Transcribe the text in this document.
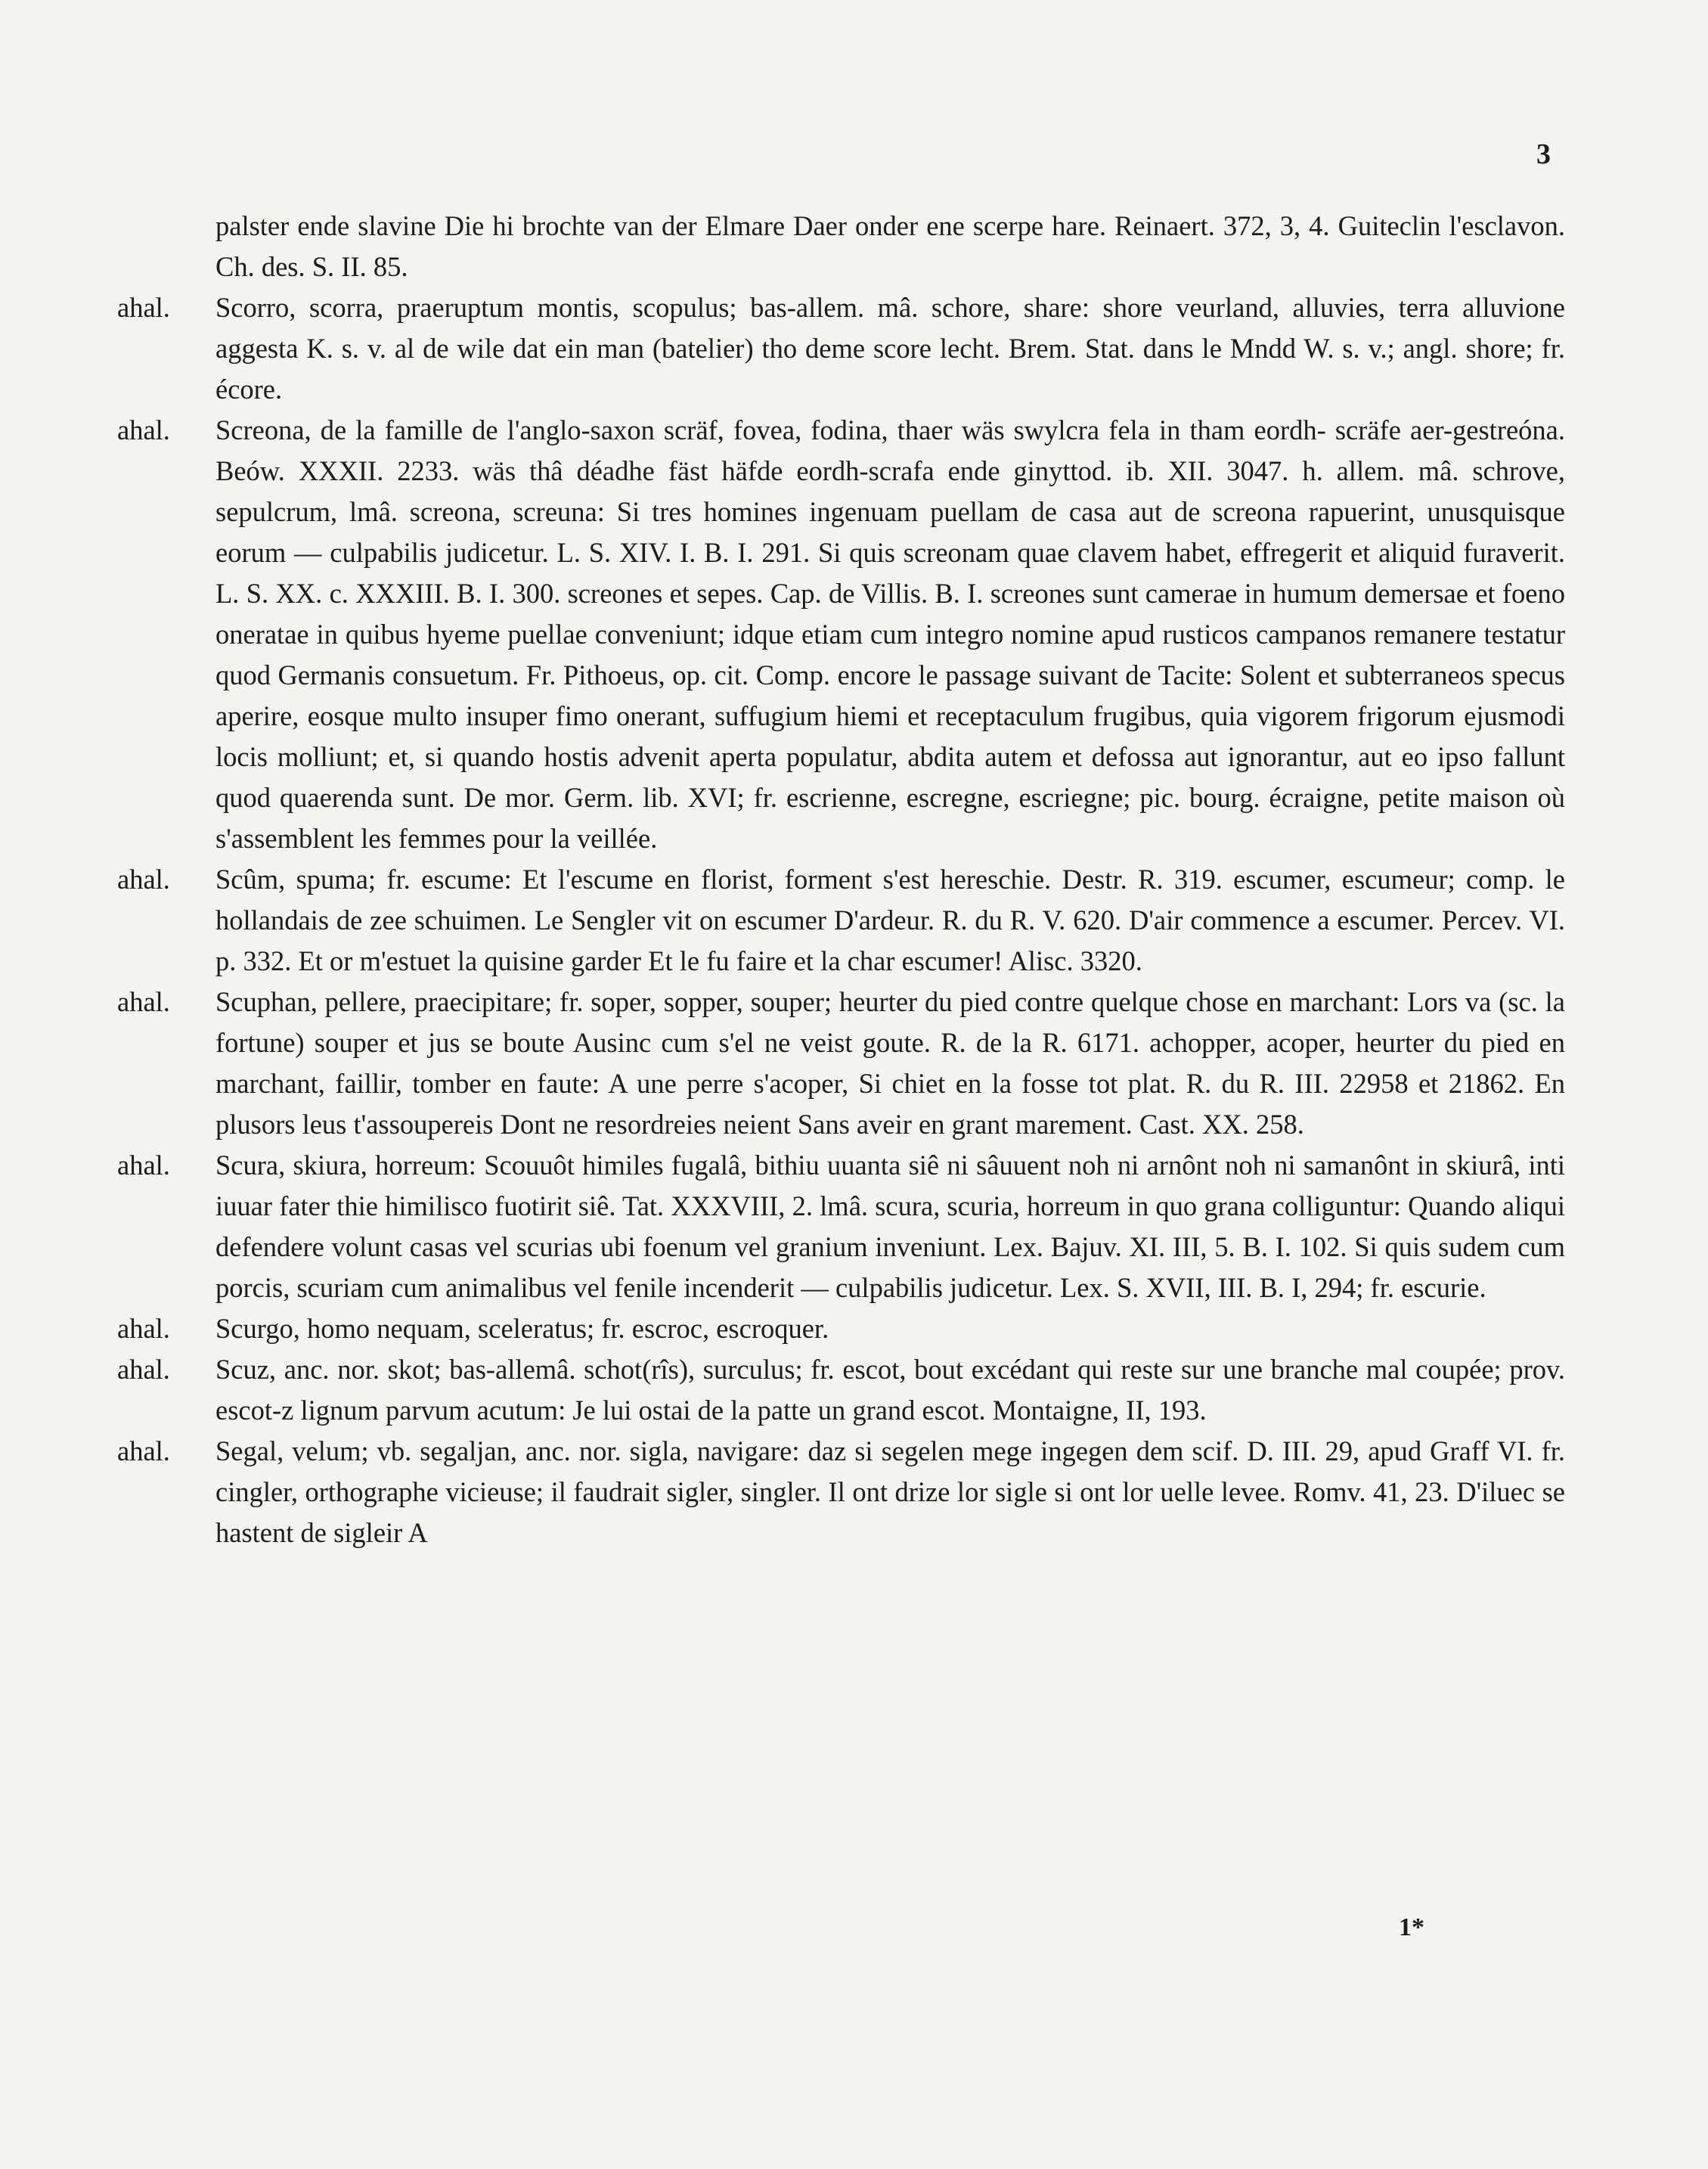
3
palster ende slavine Die hi brochte van der Elmare Daer onder ene scerpe hare. Reinaert. 372, 3, 4. Guiteclin l'esclavon. Ch. des. S. II. 85.
ahal.	Scorro, scorra, praeruptum montis, scopulus; bas-allem. mâ. schore, share: shore veurland, alluvies, terra alluvione aggesta K. s. v. al de wile dat ein man (batelier) tho deme score lecht. Brem. Stat. dans le Mndd W. s. v.; angl. shore; fr. écore.
ahal.	Screona, de la famille de l'anglo-saxon scräf, fovea, fodina, thaer wäs swylcra fela in tham eordh- scräfe aer-gestreóna. Beów. XXXII. 2233. wäs thâ déadhe fäst häfde eordh-scrafa ende ginyttod. ib. XII. 3047. h. allem. mâ. schrove, sepulcrum, lmâ. screona, screuna: Si tres homines ingenuam puellam de casa aut de screona rapuerint, unusquisque eorum — culpabilis judicetur. L. S. XIV. I. B. I. 291. Si quis screonam quae clavem habet, effregerit et aliquid furaverit. L. S. XX. c. XXXIII. B. I. 300. screones et sepes. Cap. de Villis. B. I. screones sunt camerae in humum demersae et foeno oneratae in quibus hyeme puellae conveniunt; idque etiam cum integro nomine apud rusticos campanos remanere testatur quod Germanis consuetum. Fr. Pithoeus, op. cit. Comp. encore le passage suivant de Tacite: Solent et subterraneos specus aperire, eosque multo insuper fimo onerant, suffugium hiemi et receptaculum frugibus, quia vigorem frigorum ejusmodi locis molliunt; et, si quando hostis advenit aperta populatur, abdita autem et defossa aut ignorantur, aut eo ipso fallunt quod quaerenda sunt. De mor. Germ. lib. XVI; fr. escrienne, escregne, escriegne; pic. bourg. écraigne, petite maison où s'assemblent les femmes pour la veillée.
ahal.	Scûm, spuma; fr. escume: Et l'escume en florist, forment s'est hereschie. Destr. R. 319. escumer, escumeur; comp. le hollandais de zee schuimen. Le Sengler vit on escumer D'ardeur. R. du R. V. 620. D'air commence a escumer. Percev. VI. p. 332. Et or m'estuet la quisine garder Et le fu faire et la char escumer! Alisc. 3320.
ahal.	Scuphan, pellere, praecipitare; fr. soper, sopper, souper; heurter du pied contre quelque chose en marchant: Lors va (sc. la fortune) souper et jus se boute Ausinc cum s'el ne veist goute. R. de la R. 6171. achopper, acoper, heurter du pied en marchant, faillir, tomber en faute: A une perre s'acoper, Si chiet en la fosse tot plat. R. du R. III. 22958 et 21862. En plusors leus t'assoupereis Dont ne resordreies neient Sans aveir en grant marement. Cast. XX. 258.
ahal.	Scura, skiura, horreum: Scouuôt himiles fugalâ, bithiu uuanta siê ni sâuuent noh ni arnônt noh ni samanônt in skiurâ, inti iuuar fater thie himilisco fuotirit siê. Tat. XXXVIII, 2. lmâ. scura, scuria, horreum in quo grana colliguntur: Quando aliqui defendere volunt casas vel scurias ubi foenum vel granium inveniunt. Lex. Bajuv. XI. III, 5. B. I. 102. Si quis sudem cum porcis, scuriam cum animalibus vel fenile incenderit — culpabilis judicetur. Lex. S. XVII, III. B. I, 294; fr. escurie.
ahal.	Scurgo, homo nequam, sceleratus; fr. escroc, escroquer.
ahal.	Scuz, anc. nor. skot; bas-allemâ. schot(rîs), surculus; fr. escot, bout excédant qui reste sur une branche mal coupée; prov. escot-z lignum parvum acutum: Je lui ostai de la patte un grand escot. Montaigne, II, 193.
ahal.	Segal, velum; vb. segaljan, anc. nor. sigla, navigare: daz si segelen mege ingegen dem scif. D. III. 29, apud Graff VI. fr. cingler, orthographe vicieuse; il faudrait sigler, singler. Il ont drize lor sigle si ont lor uelle levee. Romv. 41, 23. D'iluec se hastent de sigleir A
1*
